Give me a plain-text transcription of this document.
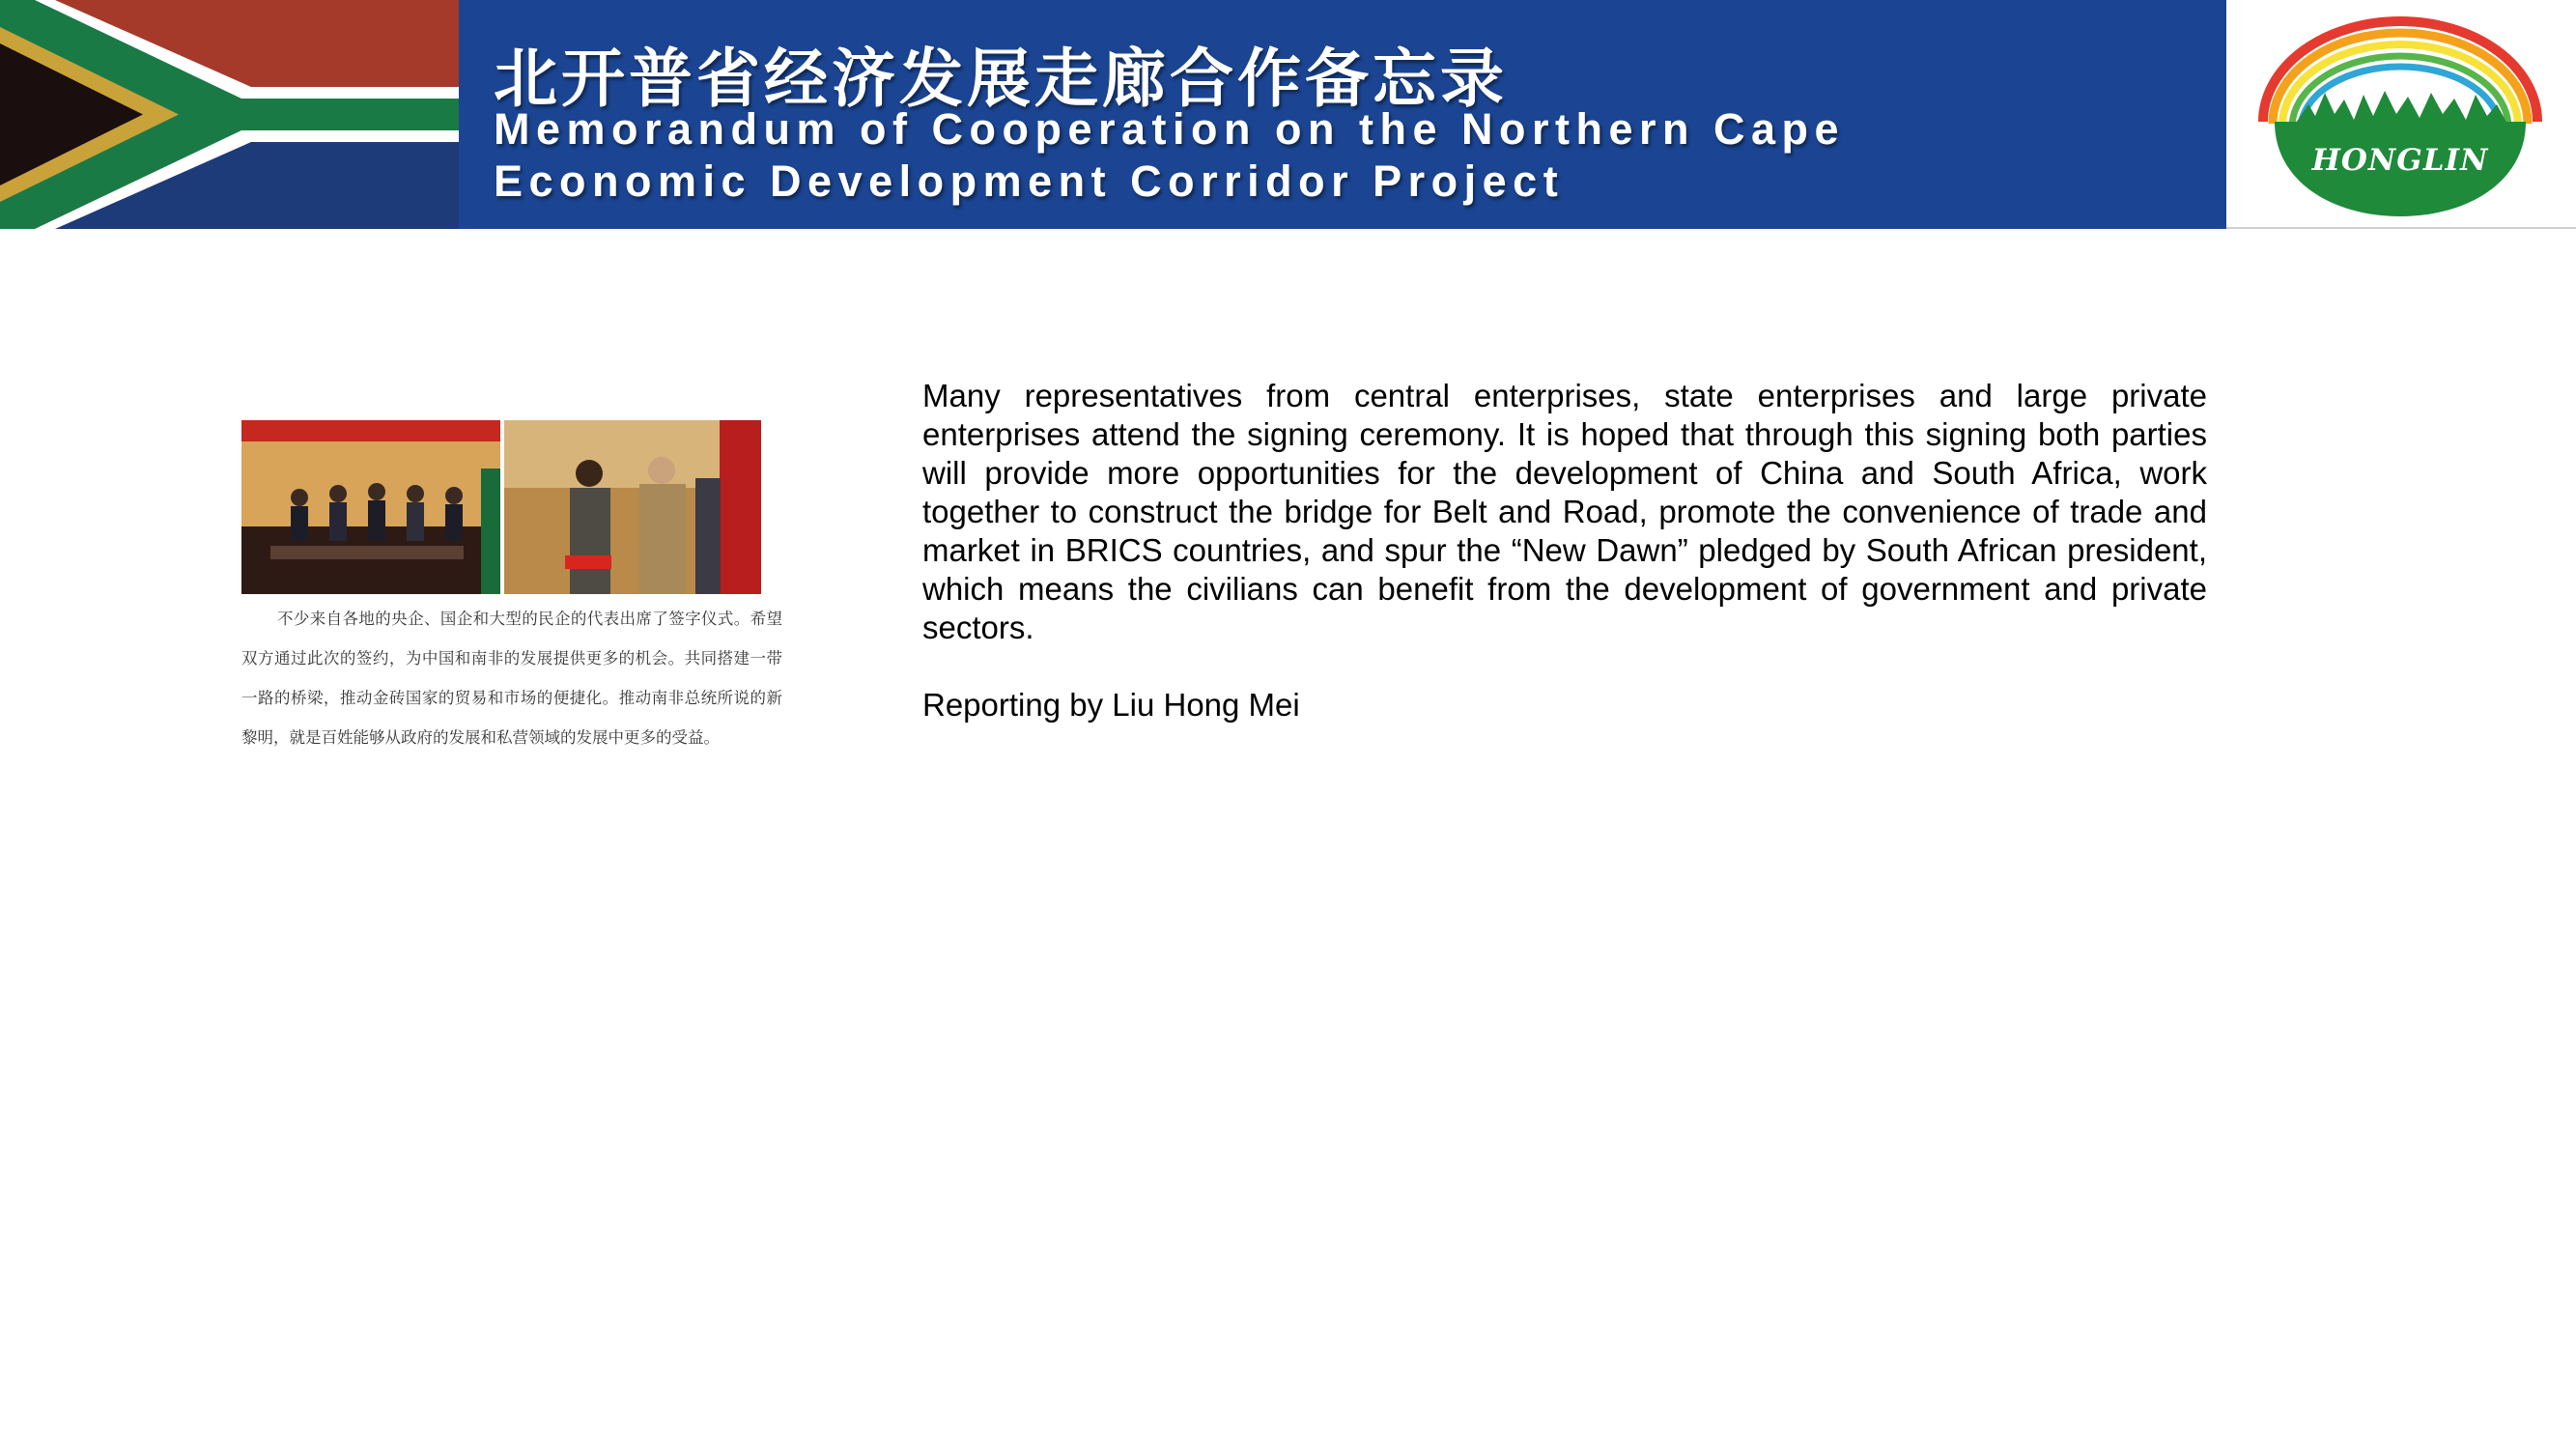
北开普省经济发展走廊合作备忘录
Memorandum of Cooperation on the Northern Cape
Economic Development Corridor Project	HONGLIN
不少来自各地的央企、国企和大型的民企的代表出席了签字仪式。希望双方通过此次的签约，为中国和南非的发展提供更多的机会。共同搭建一带一路的桥梁，推动金砖国家的贸易和市场的便捷化。推动南非总统所说的新黎明，就是百姓能够从政府的发展和私营领域的发展中更多的受益。

Many representatives from central enterprises, state enterprises and large private enterprises attend the signing ceremony. It is hoped that through this signing both parties will provide more opportunities for the development of China and South Africa, work together to construct the bridge for Belt and Road, promote the convenience of trade and market in BRICS countries, and spur the “New Dawn” pledged by South African president, which means the civilians can benefit from the development of government and private sectors.

Reporting by Liu Hong Mei
